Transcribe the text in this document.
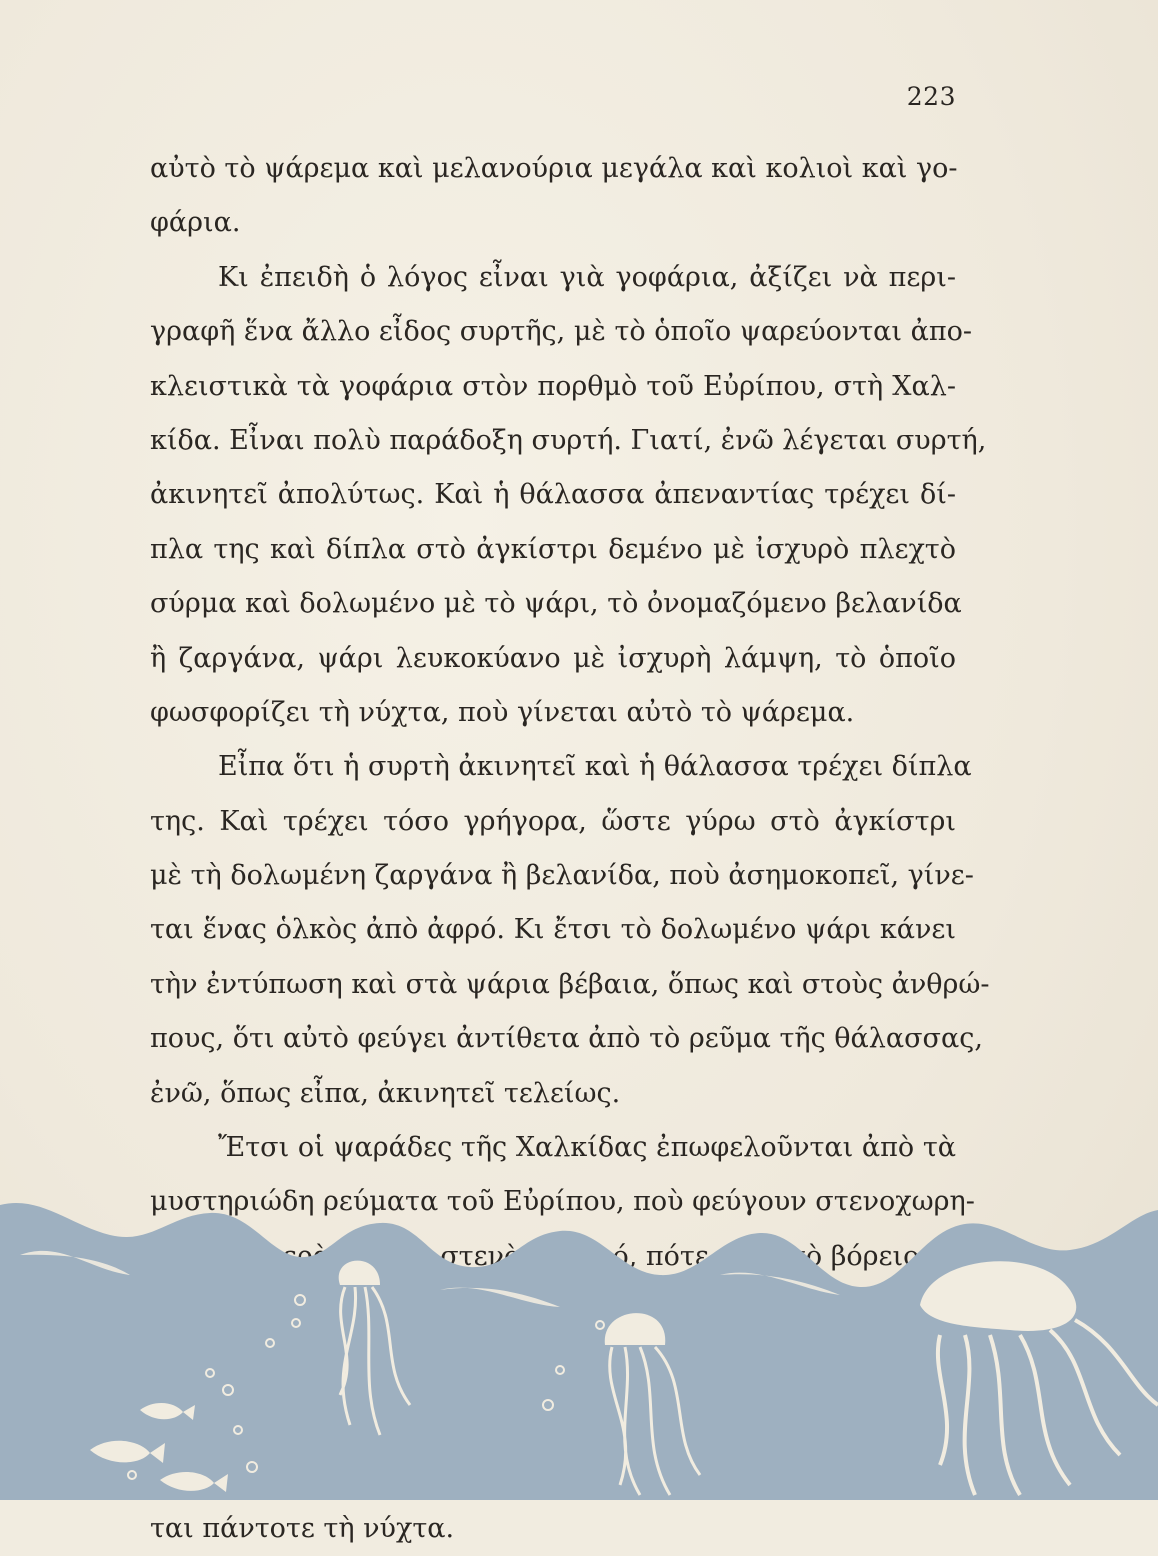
223
αὐτὸ τὸ ψάρεμα καὶ μελανούρια μεγάλα καὶ κολιοὶ καὶ γο-
φάρια.
Κι ἐπειδὴ ὁ λόγος εἶναι γιὰ γοφάρια, ἀξίζει νὰ περι-
γραφῆ ἕνα ἄλλο εἶδος συρτῆς, μὲ τὸ ὁποῖο ψαρεύονται ἀπο-
κλειστικὰ τὰ γοφάρια στὸν πορθμὸ τοῦ Εὐρίπου, στὴ Χαλ-
κίδα. Εἶναι πολὺ παράδοξη συρτή. Γιατί, ἐνῶ λέγεται συρτή,
ἀκινητεῖ ἀπολύτως. Καὶ ἡ θάλασσα ἀπεναντίας τρέχει δί-
πλα της καὶ δίπλα στὸ ἀγκίστρι δεμένο μὲ ἰσχυρὸ πλεχτὸ
σύρμα καὶ δολωμένο μὲ τὸ ψάρι, τὸ ὀνομαζόμενο βελανίδα
ἢ ζαργάνα, ψάρι λευκοκύανο μὲ ἰσχυρὴ λάμψη, τὸ ὁποῖο
φωσφορίζει τὴ νύχτα, ποὺ γίνεται αὐτὸ τὸ ψάρεμα.
Εἶπα ὅτι ἡ συρτὴ ἀκινητεῖ καὶ ἡ θάλασσα τρέχει δίπλα
της. Καὶ τρέχει τόσο γρήγορα, ὥστε γύρω στὸ ἀγκίστρι
μὲ τὴ δολωμένη ζαργάνα ἢ βελανίδα, ποὺ ἀσημοκοπεῖ, γίνε-
ται ἕνας ὁλκὸς ἀπὸ ἀφρό. Κι ἔτσι τὸ δολωμένο ψάρι κάνει
τὴν ἐντύπωση καὶ στὰ ψάρια βέβαια, ὅπως καὶ στοὺς ἀνθρώ-
πους, ὅτι αὐτὸ φεύγει ἀντίθετα ἀπὸ τὸ ρεῦμα τῆς θάλασσας,
ἐνῶ, ὅπως εἶπα, ἀκινητεῖ τελείως.
Ἔτσι οἱ ψαράδες τῆς Χαλκίδας ἐπωφελοῦνται ἀπὸ τὰ
μυστηριώδη ρεύματα τοῦ Εὐρίπου, ποὺ φεύγουν στενοχωρη-
ται πάντοτε τὴ νύχτα.
